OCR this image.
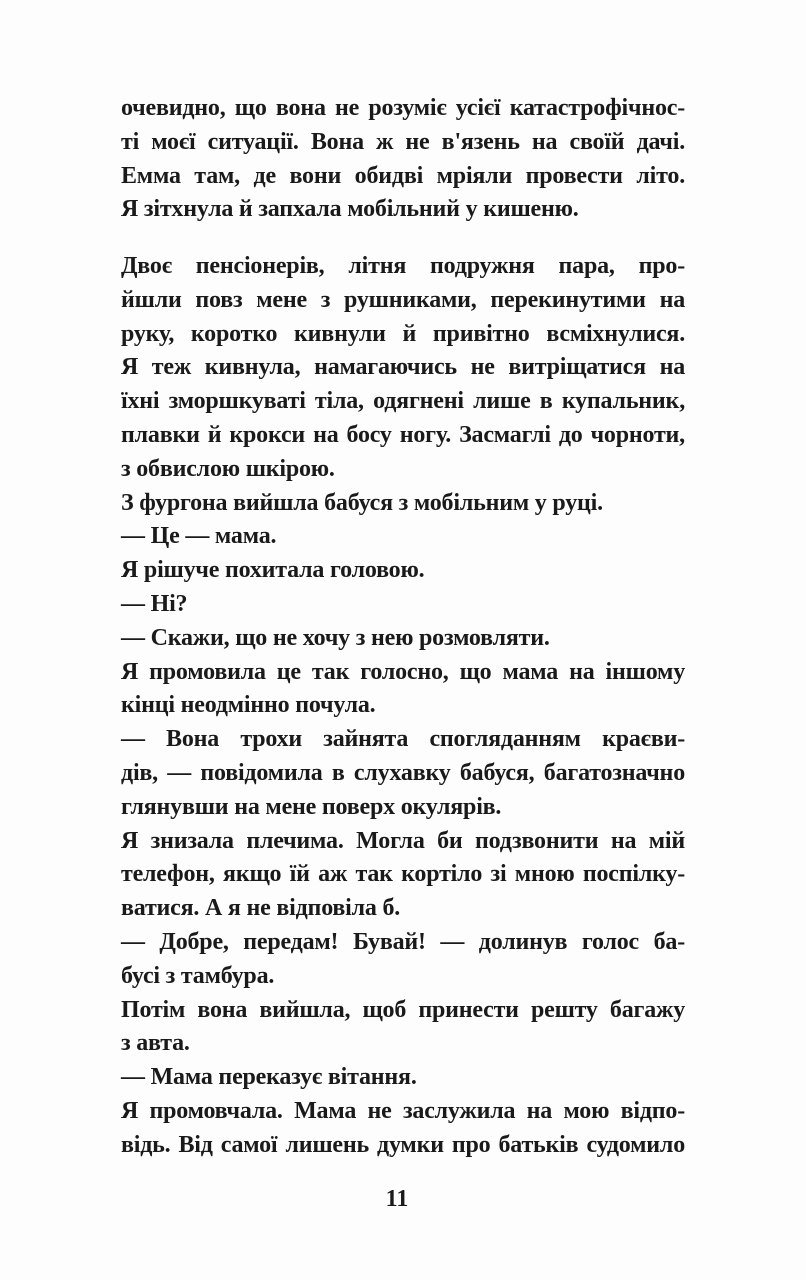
очевидно, що вона не розуміє усієї катастрофічнос-
ті моєї ситуації. Вона ж не в'язень на своїй дачі.
Емма там, де вони обидві мріяли провести літо.
Я зітхнула й запхала мобільний у кишеню.
Двоє пенсіонерів, літня подружня пара, про-
йшли повз мене з рушниками, перекинутими на
руку, коротко кивнули й привітно всміхнулися.
Я теж кивнула, намагаючись не витріщатися на
їхні зморшкуваті тіла, одягнені лише в купальник,
плавки й крокси на босу ногу. Засмаглі до чорноти,
з обвислою шкірою.
З фургона вийшла бабуся з мобільним у руці.
— Це — мама.
Я рішуче похитала головою.
— Ні?
— Скажи, що не хочу з нею розмовляти.
Я промовила це так голосно, що мама на іншому
кінці неодмінно почула.
— Вона трохи зайнята спогляданням краєви-
дів, — повідомила в слухавку бабуся, багатозначно
глянувши на мене поверх окулярів.
Я знизала плечима. Могла би подзвонити на мій
телефон, якщо їй аж так кортіло зі мною поспілку-
ватися. А я не відповіла б.
— Добре, передам! Бувай! — долинув голос ба-
бусі з тамбура.
Потім вона вийшла, щоб принести решту багажу
з авта.
— Мама переказує вітання.
Я промовчала. Мама не заслужила на мою відпо-
відь. Від самої лишень думки про батьків судомило
11
